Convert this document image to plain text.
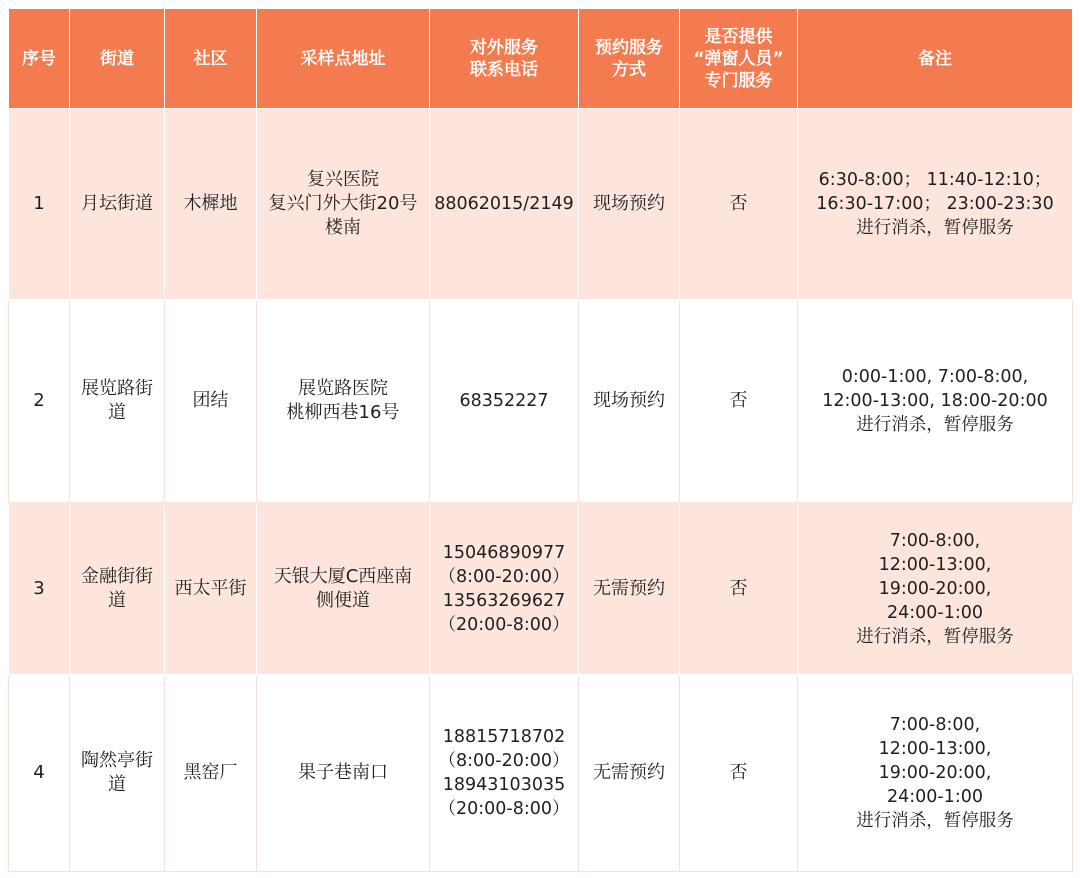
序号	街道	社区	采样点地址	对外服务
联系电话	预约服务
方式	是否提供
“弹窗人员”
专门服务	备注
1	月坛街道	木樨地	复兴医院
复兴门外大街20号
楼南	88062015/2149	现场预约	否	6:30-8:00； 11:40-12:10；
16:30-17:00； 23:00-23:30
进行消杀，暂停服务
2	展览路街
道	团结	展览路医院
桃柳西巷16号	68352227	现场预约	否	0:00-1:00, 7:00-8:00,
12:00-13:00, 18:00-20:00
进行消杀，暂停服务
3	金融街街
道	西太平街	天银大厦C西座南
侧便道	15046890977
（8:00-20:00）
13563269627
（20:00-8:00）	无需预约	否	7:00-8:00,
12:00-13:00,
19:00-20:00,
24:00-1:00
进行消杀，暂停服务
4	陶然亭街
道	黑窑厂	果子巷南口	18815718702
（8:00-20:00）
18943103035
（20:00-8:00）	无需预约	否	7:00-8:00,
12:00-13:00,
19:00-20:00,
24:00-1:00
进行消杀，暂停服务
